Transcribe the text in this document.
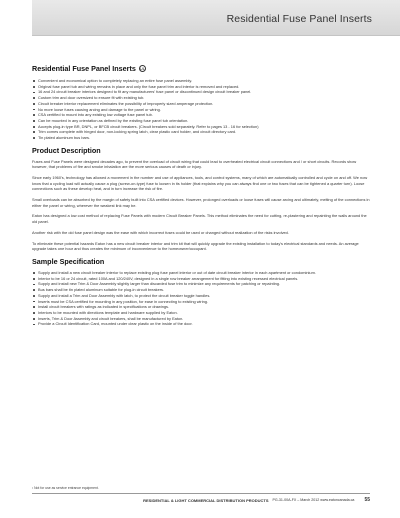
Residential Fuse Panel Inserts
Residential Fuse Panel Inserts UL
Convenient and economical option to completely replacing an entire fuse panel assembly.
Original fuse panel tub and wiring remains in place and only the fuse panel trim and interior is removed and replaced.
16 and 24 circuit breaker interiors designed to fit any manufacturers' fuse panel or discontinued design circuit breaker panel.
Custom trim and door oversized to ensure fit with existing tub.
Circuit breaker interior replacement eliminates the possibility of improperly sized amperage protection.
No more loose fuses causing arcing and damage to the panel or wiring.
CSA certified to mount into any existing low voltage fuse panel tub.
Can be mounted in any orientation as defined by the existing fuse panel tub orientation.
Accepts plug-in type BR, DNPL, or BFCB circuit breakers. (Circuit breakers sold separately. Refer to pages 13 - 16 for selection)
Trim comes complete with hinged door, non-locking spring latch, clear plastic card holder, and circuit directory card.
Tin plated aluminum bus bars.
Product Description

Fuses and Fuse Panels were designed decades ago, to prevent the overload of circuit wiring that could lead to overheated electrical circuit connections and / or short circuits. Records show however, that problems of fire and smoke inhalation are the more serious causes of death or injury.

Since early 1960's, technology has allowed a movement in the number and use of appliances, tools, and control systems, many of which are automatically controlled and cycle on and off. We now know that a cycling load will actually cause a plug (screw-on-type) fuse to loosen in its holder (that explains why you can always find one or two fuses that can be tightened a quarter turn). Loose connections such as these develop heat, and in turn increase the risk of fire.

Small overloads can be absorbed by the margin of safety built into CSA certified devices. However, prolonged overloads or loose fuses will cause arcing and ultimately, melting of the connections in either the panel or wiring, wherever the weakest link may be.

Eaton has designed a low cost method of replacing Fuse Panels with modern Circuit Breaker Panels. This method eliminates the need for cutting, re-plastering and repainting the walls around the old panel.

Another risk with the old fuse panel design was the ease with which incorrect fuses could be used or changed without realization of the risks involved.

To eliminate these potential hazards Eaton has a new circuit breaker interior and trim kit that will quickly upgrade the existing installation to today's electrical standards and needs. An average upgrade takes one hour and thus creates the minimum of inconvenience to the homeowner/occupant.

Sample Specification
Supply and install a new circuit breaker interior to replace existing plug fuse panel interior or out of date circuit breaker interior in each apartment or condominium.
Interior to be 16 or 24 circuit, rated 100A and 120/240V, designed in a single row breaker arrangement for fitting into existing recessed electrical panels.
Supply and install new Trim & Door Assembly slightly larger than discarded fuse trim to minimize any requirements for patching or repainting.
Bus bars shall be tin plated aluminum suitable for plug-in circuit breakers.
Supply and install a Trim and Door Assembly with latch, to protect the circuit breaker toggle handles.
Inserts must be CSA certified for mounting in any position, for ease in connecting to existing wiring.
Install circuit breakers with ratings as indicated in specifications or drawings.
Interiors to be mounted with directions template and hardware supplied by Eaton.
Inserts, Trim & Door Assembly and circuit breakers, shall be manufactured by Eaton.
Provide a Circuit Identification Card, mounted under clear plastic on the inside of the door.
¹ Not for use as service entrance equipment.
RESIDENTIAL & LIGHT COMMERCIAL DISTRIBUTION PRODUCTS PG-31-00A-FX – March 2012 www.eatoncanada.ca 55
